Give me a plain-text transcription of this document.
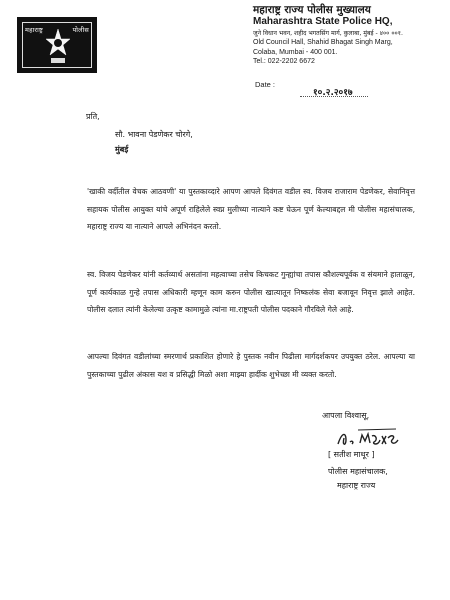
महाराष्ट्र	पोलीस
महाराष्ट्र राज्य पोलीस मुख्यालय
Maharashtra State Police HQ,
जुने विधान भवन, शहीद भगतसिंग मार्ग, कुलाबा, मुंबई - ४०० ००१.
Old Council Hall, Shahid Bhagat Singh Marg,
Colaba, Mumbai - 400 001.
Tel.: 022-2202 6672
Date :
१०.२.२०१७
प्रति,
सौ. भावना पेडणेकर चोरगे,
मुंबई
'खाकी वर्दीतील वेचक आठवणी' या पुस्तकाव्दारे आपण आपले दिवंगत वडील स्व. विजय राजाराम पेडणेकर, सेवानिवृत्त सहायक पोलीस आयुक्त यांचे अपूर्ण राहिलेले स्वप्न मुलीच्या नात्याने कष्ट घेऊन पूर्ण केल्याबद्दल मी पोलीस महासंचालक, महाराष्ट्र राज्य या नात्याने आपले अभिनंदन करतो.
स्व. विजय पेडणेकर यांनी कर्तव्यार्थ असतांना महत्वाच्या तसेच किचकट गुन्ह्यांचा तपास कौशल्यपूर्वक व संयमाने हाताळून, पूर्ण कार्यकाळ गुन्हे तपास अधिकारी म्हणून काम करुन पोलीस खात्यातून निष्कलंक सेवा बजावून निवृत्त झाले आहेत. पोलीस दलात त्यांनी केलेल्या उत्कृष्ट कामामुळे त्यांना मा.राष्ट्रपती पोलीस पदकाने गौरविले गेले आहे.
आपल्या दिवंगत वडीलांच्या स्मरणार्थ प्रकाशित होणारे हे पुस्तक नवीन पिढीला मार्गदर्शकपर उपयुक्त ठरेल. आपल्या या पुस्तकाच्या पुढील अंकास यश व प्रसिद्धी मिळो अशा माझ्या हार्दीक शुभेच्छा मी व्यक्त करतो.
आपला विश्वासू,
[ सतीश माथूर ]
पोलीस महासंचालक,
महाराष्ट्र राज्य
